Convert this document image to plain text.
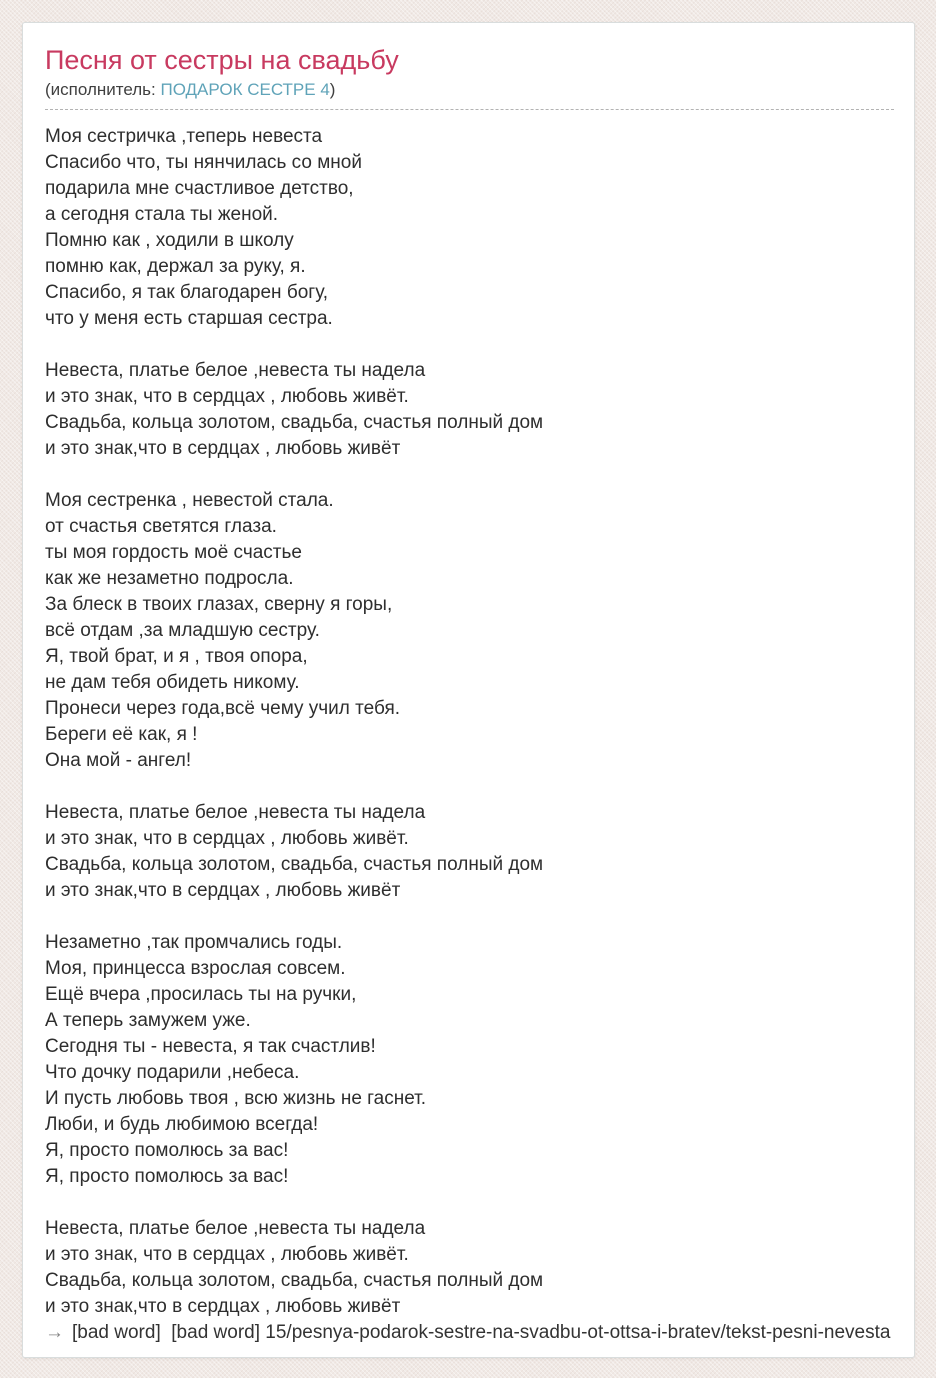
Песня от сестры на свадьбу
(исполнитель: ПОДАРОК СЕСТРЕ 4)

Моя сестричка ,теперь невеста
Спасибо что, ты нянчилась со мной
подарила мне счастливое детство,
а сегодня стала ты женой.
Помню как , ходили в школу
помню как, держал за руку, я.
Спасибо, я так благодарен богу,
что у меня есть старшая сестра.

Невеста, платье белое ,невеста ты надела
и это знак, что в сердцах , любовь живёт.
Свадьба, кольца золотом, свадьба, счастья полный дом
и это знак,что в сердцах , любовь живёт

Моя сестренка , невестой стала.
от счастья светятся глаза.
ты моя гордость моё счастье
как же незаметно подросла.
За блеск в твоих глазах, сверну я горы,
всё отдам ,за младшую сестру.
Я, твой брат, и я , твоя опора,
не дам тебя обидеть никому.
Пронеси через года,всё чему учил тебя.
Береги её как, я !
Она мой - ангел!

Невеста, платье белое ,невеста ты надела
и это знак, что в сердцах , любовь живёт.
Свадьба, кольца золотом, свадьба, счастья полный дом
и это знак,что в сердцах , любовь живёт

Незаметно ,так промчались годы.
Моя, принцесса взрослая совсем.
Ещё вчера ,просилась ты на ручки,
А теперь замужем уже.
Сегодня ты - невеста, я так счастлив!
Что дочку подарили ,небеса.
И пусть любовь твоя , всю жизнь не гаснет.
Люби, и будь любимою всегда!
Я, просто помолюсь за вас!
Я, просто помолюсь за вас!

Невеста, платье белое ,невеста ты надела
и это знак, что в сердцах , любовь живёт.
Свадьба, кольца золотом, свадьба, счастья полный дом
и это знак,что в сердцах , любовь живёт

→ [bad word]  [bad word] 15/pesnya-podarok-sestre-na-svadbu-ot-ottsa-i-bratev/tekst-pesni-nevesta
